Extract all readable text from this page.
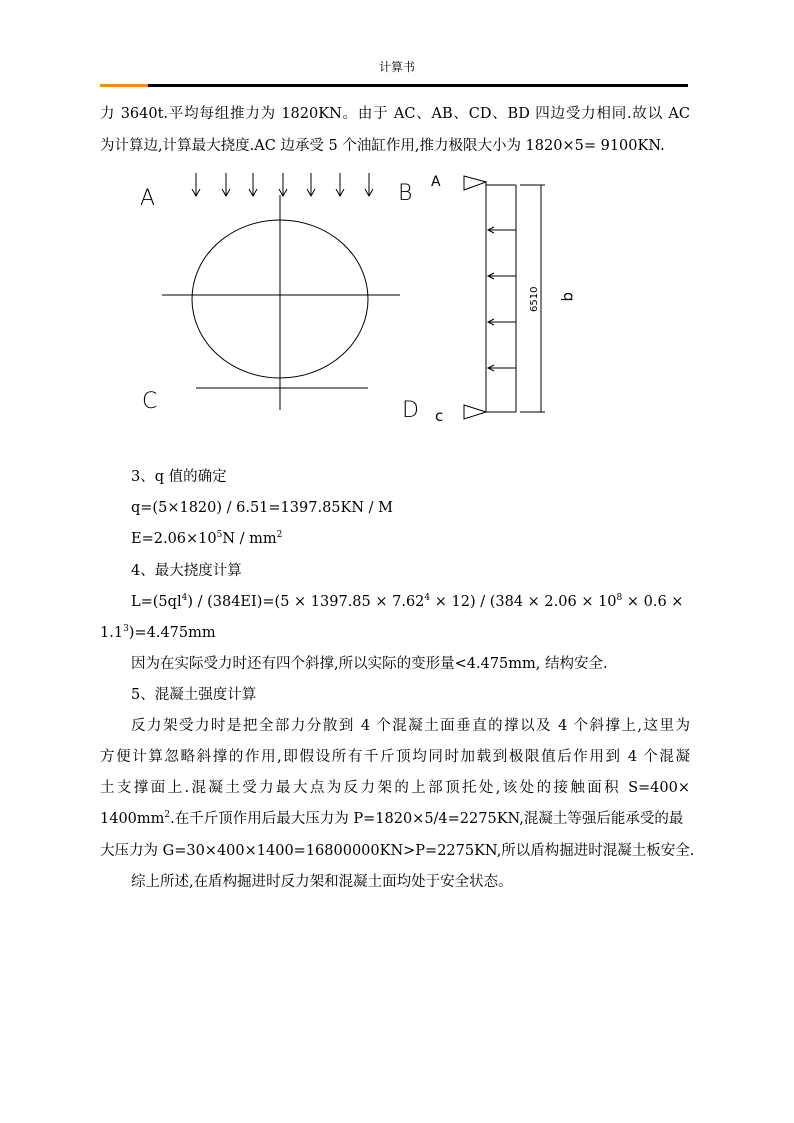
计算书
力 3640t.平均每组推力为 1820KN。由于 AC、AB、CD、BD 四边受力相同.故以 AC
为计算边,计算最大挠度.AC 边承受 5 个油缸作用,推力极限大小为 1820×5= 9100KN.
A	B
C	D
A
c
6510 q
3、q 值的确定
q=(5×1820) / 6.51=1397.85KN / M
$E=2.06\times 10^5N / mm^2$
4、最大挠度计算
$L=(5ql^4) / (384EI)=(5 \times 1397.85 \times 7.62^4 \times 12) / (384 \times 2.06 \times 10^8 \times 0.6$ ×
$1.1^3)=4.475mm$
因为在实际受力时还有四个斜撑,所以实际的变形量<4.475mm, 结构安全.
5、混凝土强度计算
反力架受力时是把全部力分散到 4 个混凝土面垂直的撑以及 4 个斜撑上,这里为
方便计算忽略斜撑的作用,即假设所有千斤顶均同时加载到极限值后作用到 4 个混凝
土支撑面上.混凝土受力最大点为反力架的上部顶托处,该处的接触面积 S=400×
$1400mm^2$.在千斤顶作用后最大压力为 P=1820×5/4=2275KN,混凝土等强后能承受的最
大压力为 G=30×400×1400=16800000KN>P=2275KN,所以盾构掘进时混凝土板安全.
综上所述,在盾构掘进时反力架和混凝土面均处于安全状态。
